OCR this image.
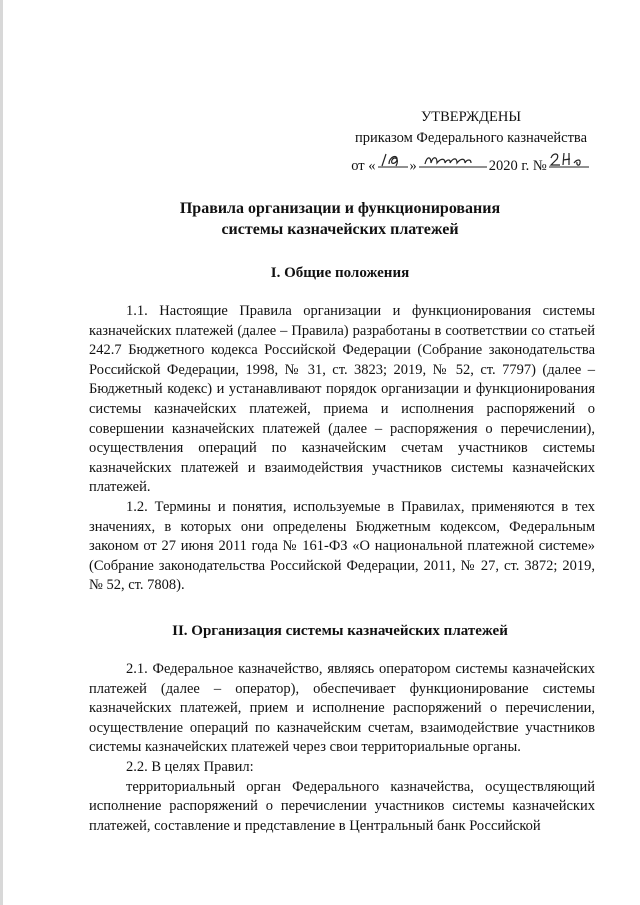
УТВЕРЖДЕНЫ
приказом Федерального казначейства
от « »	2020 г. №
Правила организации и функционирования
системы казначейских платежей
I. Общие положения

1.1. Настоящие Правила организации и функционирования системы казначейских платежей (далее – Правила) разработаны в соответствии со статьей 242.7 Бюджетного кодекса Российской Федерации (Собрание законодательства Российской Федерации, 1998, № 31, ст. 3823; 2019, № 52, ст. 7797) (далее – Бюджетный кодекс) и устанавливают порядок организации и функционирования системы казначейских платежей, приема и исполнения распоряжений о совершении казначейских платежей (далее – распоряжения о перечислении), осуществления операций по казначейским счетам участников системы казначейских платежей и взаимодействия участников системы казначейских платежей.

1.2. Термины и понятия, используемые в Правилах, применяются в тех значениях, в которых они определены Бюджетным кодексом, Федеральным законом от 27 июня 2011 года № 161-ФЗ «О национальной платежной системе» (Собрание законодательства Российской Федерации, 2011, № 27, ст. 3872; 2019, № 52, ст. 7808).

II. Организация системы казначейских платежей

2.1. Федеральное казначейство, являясь оператором системы казначейских платежей (далее – оператор), обеспечивает функционирование системы казначейских платежей, прием и исполнение распоряжений о перечислении, осуществление операций по казначейским счетам, взаимодействие участников системы казначейских платежей через свои территориальные органы.

2.2. В целях Правил:

территориальный орган Федерального казначейства, осуществляющий исполнение распоряжений о перечислении участников системы казначейских платежей, составление и представление в Центральный банк Российской
